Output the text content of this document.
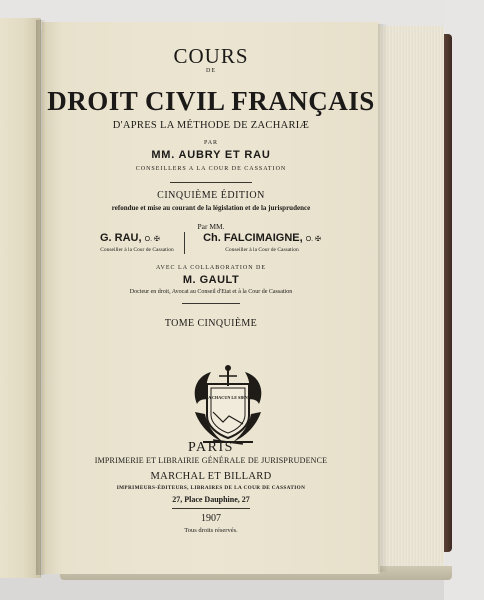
COURS
DE
DROIT CIVIL FRANÇAIS
D'APRES LA MÉTHODE DE ZACHARIÆ
PAR
MM. AUBRY ET RAU
CONSEILLERS A LA COUR DE CASSATION
CINQUIÈME ÉDITION
refondue et mise au courant de la législation et de la jurisprudence
Par MM.
G. RAU, O. ✠
Conseiller à la Cour de Cassation
Ch. FALCIMAIGNE, O. ✠
Conseiller à la Cour de Cassation
AVEC LA COLLABORATION DE
M. GAULT
Docteur en droit, Avocat au Conseil d'Etat et à la Cour de Cassation
TOME CINQUIÈME
A CHACUN LE SIEN
PARIS
IMPRIMERIE ET LIBRAIRIE GÉNÉRALE DE JURISPRUDENCE
MARCHAL ET BILLARD
IMPRIMEURS-ÉDITEURS, LIBRAIRES DE LA COUR DE CASSATION
27, Place Dauphine, 27
1907
Tous droits réservés.
